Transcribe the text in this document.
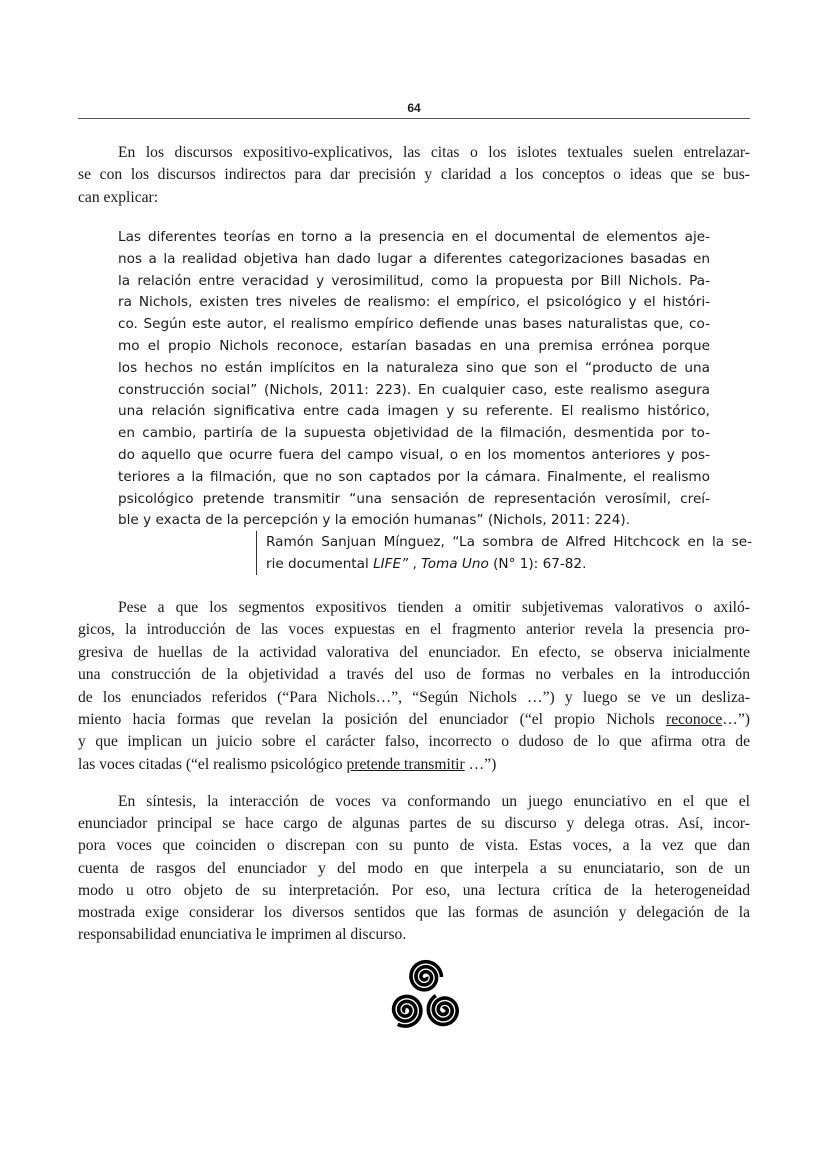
64
En los discursos expositivo-explicativos, las citas o los islotes textuales suelen entrelazar-
se con los discursos indirectos para dar precisión y claridad a los conceptos o ideas que se bus-
can explicar:
Las diferentes teorías en torno a la presencia en el documental de elementos aje-
nos a la realidad objetiva han dado lugar a diferentes categorizaciones basadas en
la relación entre veracidad y verosimilitud, como la propuesta por Bill Nichols. Pa-
ra Nichols, existen tres niveles de realismo: el empírico, el psicológico y el históri-
co. Según este autor, el realismo empírico defiende unas bases naturalistas que, co-
mo el propio Nichols reconoce, estarían basadas en una premisa errónea porque
los hechos no están implícitos en la naturaleza sino que son el “producto de una
construcción social” (Nichols, 2011: 223). En cualquier caso, este realismo asegura
una relación significativa entre cada imagen y su referente. El realismo histórico,
en cambio, partiría de la supuesta objetividad de la filmación, desmentida por to-
do aquello que ocurre fuera del campo visual, o en los momentos anteriores y pos-
teriores a la filmación, que no son captados por la cámara. Finalmente, el realismo
psicológico pretende transmitir “una sensación de representación verosímil, creí-
ble y exacta de la percepción y la emoción humanas” (Nichols, 2011: 224).
Ramón Sanjuan Mínguez, “La sombra de Alfred Hitchcock en la se-
rie documental LIFE” , Toma Uno (N° 1): 67-82.
Pese a que los segmentos expositivos tienden a omitir subjetivemas valorativos o axiló-
gicos, la introducción de las voces expuestas en el fragmento anterior revela la presencia pro-
gresiva de huellas de la actividad valorativa del enunciador. En efecto, se observa inicialmente
una construcción de la objetividad a través del uso de formas no verbales en la introducción
de los enunciados referidos (“Para Nichols…”, “Según Nichols …”) y luego se ve un desliza-
miento hacia formas que revelan la posición del enunciador (“el propio Nichols reconoce…”)
y que implican un juicio sobre el carácter falso, incorrecto o dudoso de lo que afirma otra de
las voces citadas (“el realismo psicológico pretende transmitir …”)
En síntesis, la interacción de voces va conformando un juego enunciativo en el que el
enunciador principal se hace cargo de algunas partes de su discurso y delega otras. Así, incor-
pora voces que coinciden o discrepan con su punto de vista. Estas voces, a la vez que dan
cuenta de rasgos del enunciador y del modo en que interpela a su enunciatario, son de un
modo u otro objeto de su interpretación. Por eso, una lectura crítica de la heterogeneidad
mostrada exige considerar los diversos sentidos que las formas de asunción y delegación de la
responsabilidad enunciativa le imprimen al discurso.
